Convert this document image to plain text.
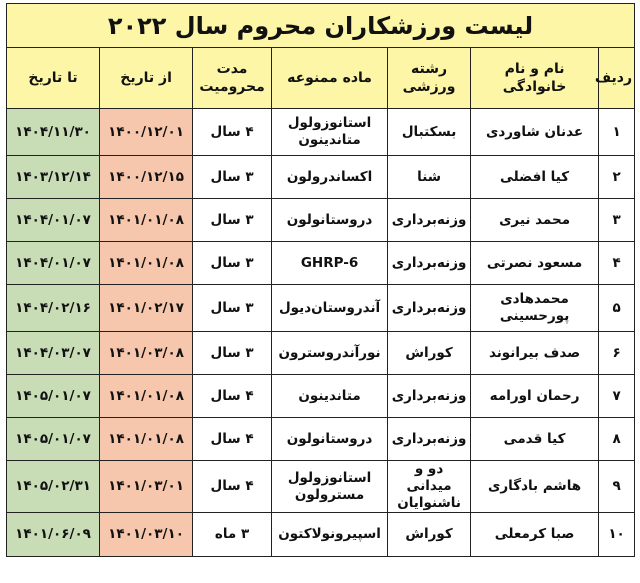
لیست ورزشکاران محروم سال ۲۰۲۲						
ردیف	نام و نام خانوادگی	رشته ورزشی	ماده ممنوعه	مدت محرومیت	از تاریخ	تا تاریخ
۱	عدنان شاوردی	بسکتبال	استانوزولول متاندینون	۴ سال	۱۴۰۰/۱۲/۰۱	۱۴۰۴/۱۱/۳۰
۲	کیا افضلی	شنا	اکساندرولون	۳ سال	۱۴۰۰/۱۲/۱۵	۱۴۰۳/۱۲/۱۴
۳	محمد نیری	وزنه‌برداری	دروستانولون	۳ سال	۱۴۰۱/۰۱/۰۸	۱۴۰۴/۰۱/۰۷
۴	مسعود نصرتی	وزنه‌برداری	GHRP-6	۳ سال	۱۴۰۱/۰۱/۰۸	۱۴۰۴/۰۱/۰۷
۵	محمدهادی پورحسینی	وزنه‌برداری	آندروستان‌دیول	۳ سال	۱۴۰۱/۰۲/۱۷	۱۴۰۴/۰۲/۱۶
۶	صدف بیرانوند	کوراش	نورآندروسترون	۳ سال	۱۴۰۱/۰۳/۰۸	۱۴۰۴/۰۳/۰۷
۷	رحمان اورامه	وزنه‌برداری	متاندینون	۴ سال	۱۴۰۱/۰۱/۰۸	۱۴۰۵/۰۱/۰۷
۸	کیا قدمی	وزنه‌برداری	دروستانولون	۴ سال	۱۴۰۱/۰۱/۰۸	۱۴۰۵/۰۱/۰۷
۹	هاشم بادگاری	دو و میدانی ناشنوایان	استانوزولول مسترولون	۴ سال	۱۴۰۱/۰۳/۰۱	۱۴۰۵/۰۲/۳۱
۱۰	صبا کرمعلی	کوراش	اسپیرونولاکتون	۳ ماه	۱۴۰۱/۰۳/۱۰	۱۴۰۱/۰۶/۰۹
